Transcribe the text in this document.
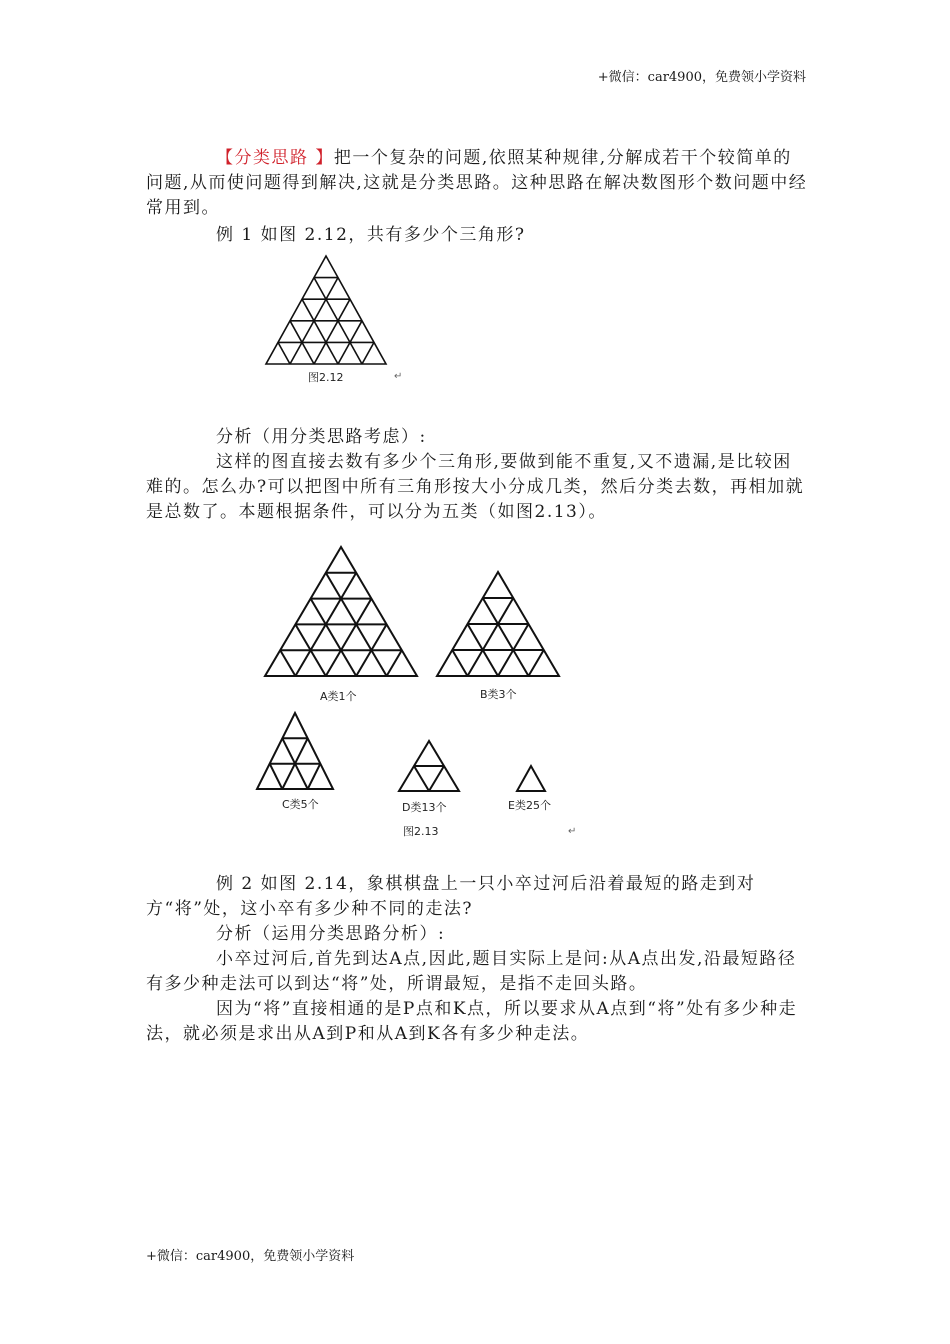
+微信：car4900，免费领小学资料
【分类思路 】把一个复杂的问题,依照某种规律,分解成若干个较简单的问题,从而使问题得到解决,这就是分类思路。这种思路在解决数图形个数问题中经常用到。
例 1 如图 2.12，共有多少个三角形?
图2.12	↵
分析（用分类思路考虑）:
这样的图直接去数有多少个三角形,要做到能不重复,又不遗漏,是比较困难的。怎么办?可以把图中所有三角形按大小分成几类，然后分类去数，再相加就是总数了。本题根据条件，可以分为五类（如图2.13）。
A类1个	B类3个
C类5个	D类13个	E类25个
图2.13	↵
例 2 如图 2.14，象棋棋盘上一只小卒过河后沿着最短的路走到对方“将”处，这小卒有多少种不同的走法?
分析（运用分类思路分析）:
小卒过河后,首先到达A点,因此,题目实际上是问:从A点出发,沿最短路径有多少种走法可以到达“将”处，所谓最短，是指不走回头路。
因为“将”直接相通的是P点和K点，所以要求从A点到“将”处有多少种走法，就必须是求出从A到P和从A到K各有多少种走法。
+微信：car4900，免费领小学资料
